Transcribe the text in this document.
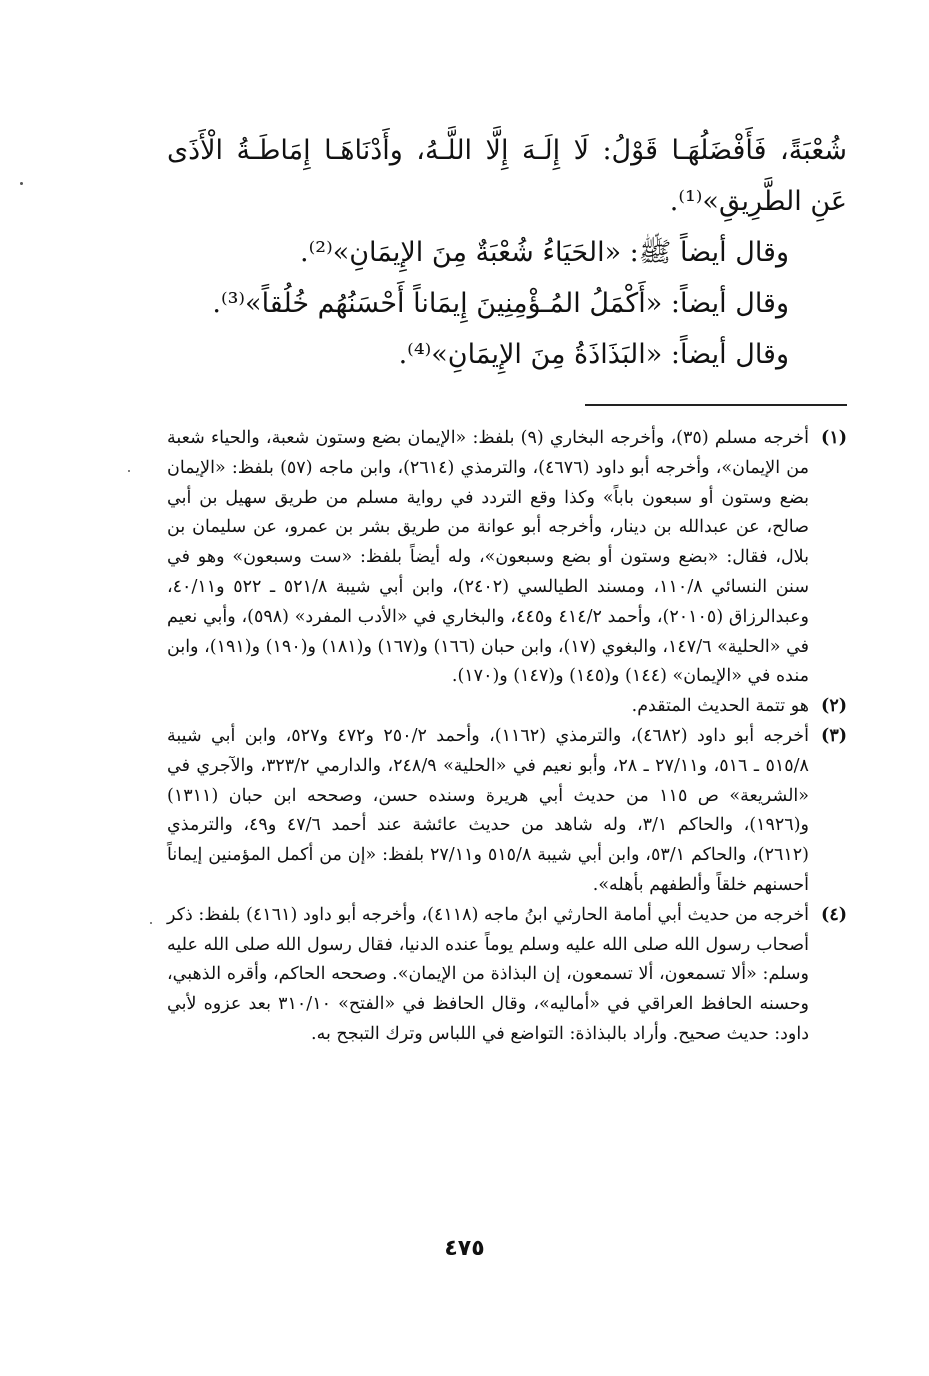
شُعْبَةً، فَأَفْضَلُهَـا قَوْلُ: لَا إِلَـهَ إِلَّا اللَّـهُ، وأَدْنَاهَـا إِمَاطَـةُ الْأَذَى عَنِ الطَّرِيقِ»⁽¹⁾.

وقال أيضاً ﷺ: «الحَيَاءُ شُعْبَةٌ مِنَ الإِيمَانِ»⁽²⁾.

وقال أيضاً: «أَكْمَلُ المُـؤْمِنِينَ إِيمَاناً أَحْسَنُهُم خُلُقاً»⁽³⁾.

وقال أيضاً: «البَذَاذَةُ مِنَ الإِيمَانِ»⁽⁴⁾.

(١)
أخرجه مسلم (٣٥)، وأخرجه البخاري (٩) بلفظ: «الإيمان بضع وستون شعبة، والحياء شعبة من الإيمان»، وأخرجه أبو داود (٤٦٧٦)، والترمذي (٢٦١٤)، وابن ماجه (٥٧) بلفظ: «الإيمان بضع وستون أو سبعون باباً» وكذا وقع التردد في رواية مسلم من طريق سهيل بن أبي صالح، عن عبدالله بن دينار، وأخرجه أبو عوانة من طريق بشر بن عمرو، عن سليمان بن بلال، فقال: «بضع وستون أو بضع وسبعون»، وله أيضاً بلفظ: «ست وسبعون» وهو في سنن النسائي ١١٠/٨، ومسند الطيالسي (٢٤٠٢)، وابن أبي شيبة ٥٢١/٨ ـ ٥٢٢ و٤٠/١١، وعبدالرزاق (٢٠١٠٥)، وأحمد ٤١٤/٢ و٤٤٥، والبخاري في «الأدب المفرد» (٥٩٨)، وأبي نعيم في «الحلية» ١٤٧/٦، والبغوي (١٧)، وابن حبان (١٦٦) و(١٦٧) و(١٨١) و(١٩٠) و(١٩١)، وابن منده في «الإيمان» (١٤٤) و(١٤٥) و(١٤٧) و(١٧٠).
(٢)
هو تتمة الحديث المتقدم.
(٣)
أخرجه أبو داود (٤٦٨٢)، والترمذي (١١٦٢)، وأحمد ٢٥٠/٢ و٤٧٢ و٥٢٧، وابن أبي شيبة ٥١٥/٨ ـ ٥١٦، و٢٧/١١ ـ ٢٨، وأبو نعيم في «الحلية» ٢٤٨/٩، والدارمي ٣٢٣/٢، والآجري في «الشريعة» ص ١١٥ من حديث أبي هريرة وسنده حسن، وصححه ابن حبان (١٣١١) و(١٩٢٦)، والحاكم ٣/١، وله شاهد من حديث عائشة عند أحمد ٤٧/٦ و٤٩، والترمذي (٢٦١٢)، والحاكم ٥٣/١، وابن أبي شيبة ٥١٥/٨ و٢٧/١١ بلفظ: «إن من أكمل المؤمنين إيماناً أحسنهم خلقاً وألطفهم بأهله».
(٤)
أخرجه من حديث أبي أمامة الحارثي ابنُ ماجه (٤١١٨)، وأخرجه أبو داود (٤١٦١) بلفظ: ذكر أصحاب رسول الله صلى الله عليه وسلم يوماً عنده الدنيا، فقال رسول الله صلى الله عليه وسلم: «ألا تسمعون، ألا تسمعون، إن البذاذة من الإيمان». وصححه الحاكم، وأقره الذهبي، وحسنه الحافظ العراقي في «أماليه»، وقال الحافظ في «الفتح» ٣١٠/١٠ بعد عزوه لأبي داود: حديث صحيح. وأراد بالبذاذة: التواضع في اللباس وترك التبجح به.
٤٧٥
